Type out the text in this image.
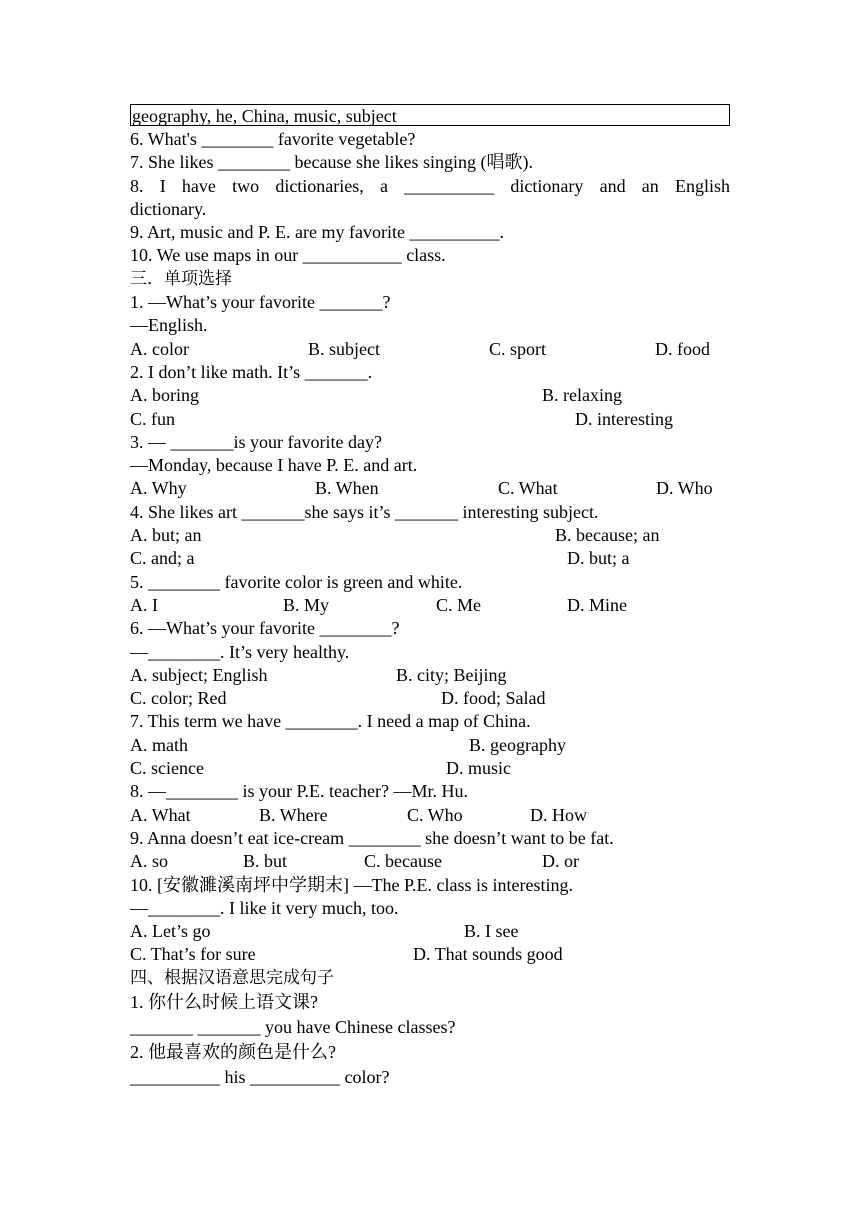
geography, he, China, music, subject
6. What's ________ favorite vegetable?
7. She likes ________ because she likes singing (唱歌).
8. I have two dictionaries, a __________ dictionary and an English
dictionary.
9. Art, music and P. E. are my favorite __________.
10. We use maps in our ___________ class.
三．单项选择
1. —What’s your favorite _______?
—English.
A. color	B. subject	C. sport	D. food
2. I don’t like math. It’s _______.
A. boring	B. relaxing
C. fun	D. interesting
3. — _______is your favorite day?
—Monday, because I have P. E. and art.
A. Why	B. When	C. What	D. Who
4. She likes art _______she says it’s _______ interesting subject.
A. but; an	B. because; an
C. and; a	D. but; a
5. ________ favorite color is green and white.
A. I	B. My	C. Me	D. Mine
6. —What’s your favorite ________?
—________. It’s very healthy.
A. subject; English	B. city; Beijing
C. color; Red	D. food; Salad
7. This term we have ________. I need a map of China.
A. math	B. geography
C. science	D. music
8. —________ is your P.E. teacher? —Mr. Hu.
A. What	B. Where	C. Who	D. How
9. Anna doesn’t eat ice-cream ________ she doesn’t want to be fat.
A. so	B. but	C. because	D. or
10. [安徽濉溪南坪中学期末] —The P.E. class is interesting.
—________. I like it very much, too.
A. Let’s go	B. I see
C. That’s for sure	D. That sounds good
四、根据汉语意思完成句子
1. 你什么时候上语文课?
_______ _______ you have Chinese classes?
2. 他最喜欢的颜色是什么?
__________ his __________ color?
